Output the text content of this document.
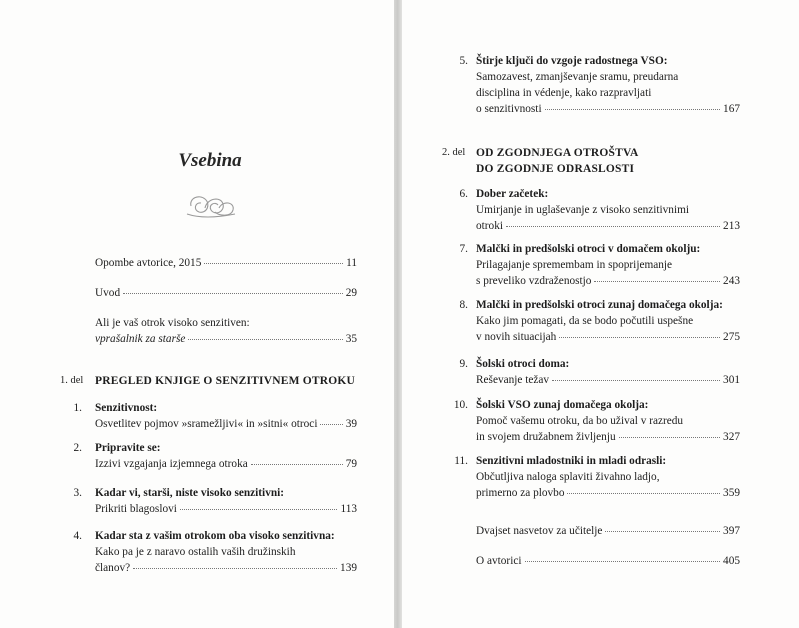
Vsebina
Opombe avtorice, 2015	11
Uvod	29
Ali je vaš otrok visoko senzitiven:
vprašalnik za starše	35
1. del PREGLED KNJIGE O SENZITIVNEM OTROKU
1. Senzitivnost:
Osvetlitev pojmov »sramežljivi« in »sitni« otroci 39
2. Pripravite se:
Izzivi vzgajanja izjemnega otroka	79
3. Kadar vi, starši, niste visoko senzitivni:
Prikriti blagoslovi	113
4. Kadar sta z vašim otrokom oba visoko senzitivna:
Kako pa je z naravo ostalih vaših družinskih
članov?	139
5. Štirje ključi do vzgoje radostnega VSO:
Samozavest, zmanjševanje sramu, preudarna
disciplina in védenje, kako razpravljati
o senzitivnosti	167
2. del OD ZGODNJEGA OTROŠTVA
DO ZGODNJE ODRASLOSTI
6. Dober začetek:
Umirjanje in uglaševanje z visoko senzitivnimi
otroki	213
7. Malčki in predšolski otroci v domačem okolju:
Prilagajanje spremembam in spoprijemanje
s preveliko vzdraženostjo	243
8. Malčki in predšolski otroci zunaj domačega okolja:
Kako jim pomagati, da se bodo počutili uspešne
v novih situacijah	275
9. Šolski otroci doma:
Reševanje težav	301
10. Šolski VSO zunaj domačega okolja:
Pomoč vašemu otroku, da bo užival v razredu
in svojem družabnem življenju	327
11. Senzitivni mladostniki in mladi odrasli:
Občutljiva naloga splaviti živahno ladjo,
primerno za plovbo	359
Dvajset nasvetov za učitelje	397
O avtorici	405
